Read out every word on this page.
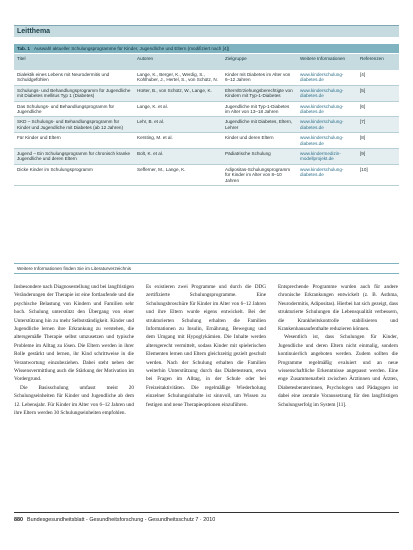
Leitthema
Tab. 1 Auswahl aktueller Schulungsprogramme für Kinder, Jugendliche und Eltern (modifiziert nach [4])
Titel	Autoren	Zielgruppe	Weitere Informationen	Referenzen
Dialektik eines Lebens mit Neurodermitis und Schuldgefühlen	Lange, K., Berger, K., Werdig, S., Kohlhuber, J., Hertel, S., von Schütz, N.	Kinder mit Diabetes im Alter von 6–12 Jahren	www.kinderschulung-diabetes.de	[4]
Schulungs- und Behandlungsprogramm für Jugendliche mit Diabetes mellitus Typ 1 (Diabetes)	Hürter, B., von Schütz, W., Lange, K.	Eltern/Erziehungsberechtigte von Kindern mit Typ-1-Diabetes	www.kinderschulung-diabetes.de	[5]
Das Schulungs- und Behandlungsprogramm für Jugendliche	Lange, K. et al.	Jugendliche mit Typ-1-Diabetes im Alter von 13–18 Jahren	www.kinderschulung-diabetes.de	[6]
SKD – Schulungs- und Behandlungsprogramm für Kinder und Jugendliche mit Diabetes (ab 12 Jahren)	Lehr, B. et al.	Jugendliche mit Diabetes, Eltern, Lehrer	www.kinderschulung-diabetes.de	[7]
Für Kinder und Eltern	Kersting, M. et al.	Kinder und deren Eltern	www.kinderschulung-diabetes.de	[8]
Jugend – Ein Schulungsprogramm für chronisch kranke Jugendliche und deren Eltern	Bolt, K. et al.	Pädiatrische Schulung	www.kindermedizin-modellprojekt.de	[9]
Dicke Kinder im Schulungsprogramm	Sefferner, M., Lange, K.	Adipositas-Schulungsprogramm für Kinder im Alter von 8–10 Jahren	www.kinderschulung-diabetes.de	[10]
Weitere Informationen finden Sie im Literaturverzeichnis

Insbesondere nach Diagnosestellung und bei langfristigen Veränderungen der Therapie ist eine fortlaufende und die psychische Belastung von Kindern und Familien sehr hoch. Schulung unterstützt den Übergang von einer Unterstützung hin zu mehr Selbstständigkeit. Kinder und Jugendliche lernen ihre Erkrankung zu verstehen, die altersgemäße Therapie selbst umzusetzen und typische Probleme im Alltag zu lösen. Die Eltern werden in ihrer Rolle gestärkt und lernen, ihr Kind schrittweise in die Verantwortung einzubeziehen. Dabei steht neben der Wissensvermittlung auch die Stärkung der Motivation im Vordergrund.

Die Basisschulung umfasst meist 20 Schulungseinheiten für Kinder und Jugendliche ab dem 12. Lebensjahr. Für Kinder im Alter von 6–12 Jahren und ihre Eltern werden 30 Schulungseinheiten empfohlen.

Es existieren zwei Programme und durch die DDG zertifizierte Schulungsprogramme. Eine Schulungsbroschüre für Kinder im Alter von 6–12 Jahren und ihre Eltern wurde eigens entwickelt. Bei der strukturierten Schulung erhalten die Familien Informationen zu Insulin, Ernährung, Bewegung und dem Umgang mit Hypoglykämien. Die Inhalte werden altersgerecht vermittelt, sodass Kinder mit spielerischen Elementen lernen und Eltern gleichzeitig gezielt geschult werden. Nach der Schulung erhalten die Familien weiterhin Unterstützung durch das Diabetesteam, etwa bei Fragen im Alltag, in der Schule oder bei Freizeitaktivitäten. Die regelmäßige Wiederholung einzelner Schulungsinhalte ist sinnvoll, um Wissen zu festigen und neue Therapieoptionen einzuführen.

Entsprechende Programme wurden auch für andere chronische Erkrankungen entwickelt (z. B. Asthma, Neurodermitis, Adipositas). Hierbei hat sich gezeigt, dass strukturierte Schulungen die Lebensqualität verbessern, die Krankheitskontrolle stabilisieren und Krankenhausaufenthalte reduzieren können.

Wesentlich ist, dass Schulungen für Kinder, Jugendliche und deren Eltern nicht einmalig, sondern kontinuierlich angeboten werden. Zudem sollten die Programme regelmäßig evaluiert und an neue wissenschaftliche Erkenntnisse angepasst werden. Eine enge Zusammenarbeit zwischen Ärztinnen und Ärzten, Diabetesberaterinnen, Psychologen und Pädagogen ist dabei eine zentrale Voraussetzung für den langfristigen Schulungserfolg im System [11].

880 Bundesgesundheitsblatt - Gesundheitsforschung - Gesundheitsschutz 7 · 2010
